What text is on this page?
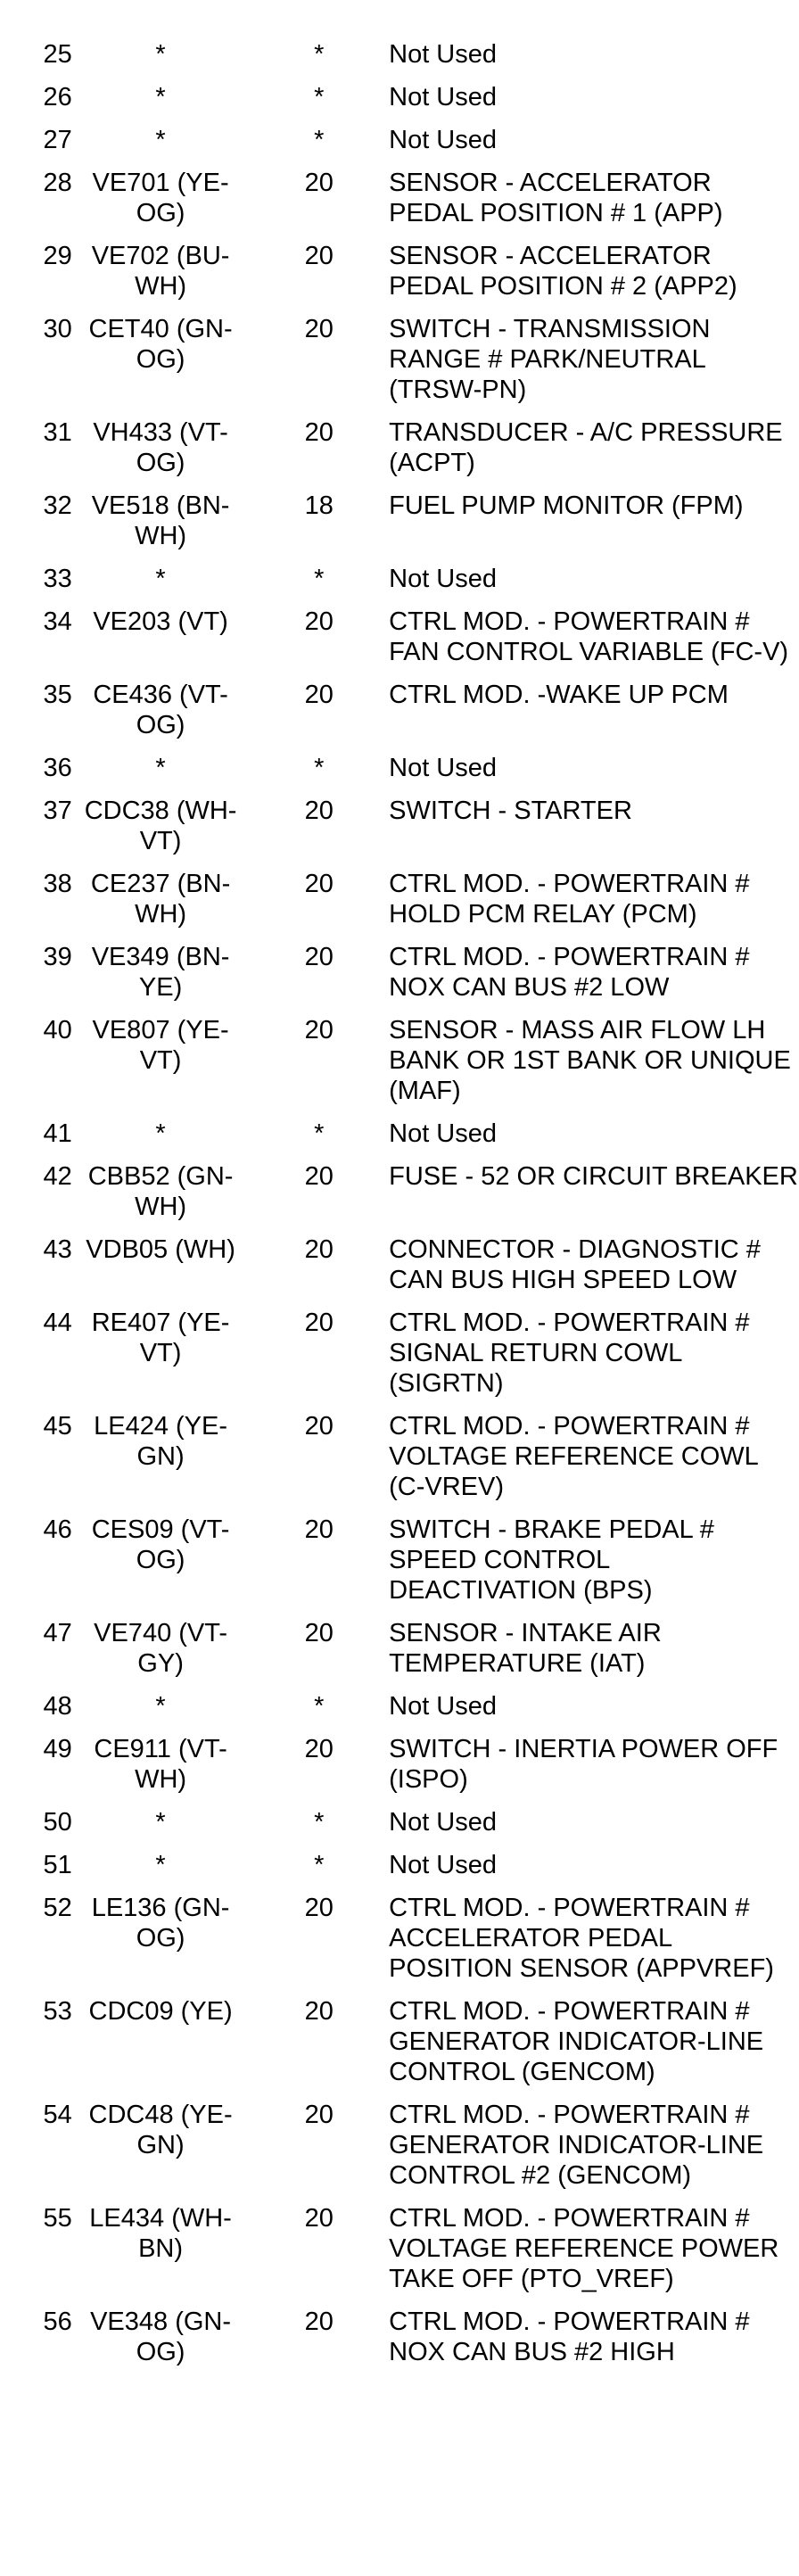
25	*	*	Not Used
26	*	*	Not Used
27	*	*	Not Used
28	VE701 (YE-OG)	20	SENSOR - ACCELERATOR PEDAL POSITION # 1 (APP)
29	VE702 (BU-WH)	20	SENSOR - ACCELERATOR PEDAL POSITION # 2 (APP2)
30	CET40 (GN-OG)	20	SWITCH - TRANSMISSION RANGE # PARK/NEUTRAL (TRSW-PN)
31	VH433 (VT-OG)	20	TRANSDUCER - A/C PRESSURE (ACPT)
32	VE518 (BN-WH)	18	FUEL PUMP MONITOR (FPM)
33	*	*	Not Used
34	VE203 (VT)	20	CTRL MOD. - POWERTRAIN # FAN CONTROL VARIABLE (FC-V)
35	CE436 (VT-OG)	20	CTRL MOD. -WAKE UP PCM
36	*	*	Not Used
37	CDC38 (WH-VT)	20	SWITCH - STARTER
38	CE237 (BN-WH)	20	CTRL MOD. - POWERTRAIN # HOLD PCM RELAY (PCM)
39	VE349 (BN-YE)	20	CTRL MOD. - POWERTRAIN # NOX CAN BUS #2 LOW
40	VE807 (YE-VT)	20	SENSOR - MASS AIR FLOW LH BANK OR 1ST BANK OR UNIQUE (MAF)
41	*	*	Not Used
42	CBB52 (GN-WH)	20	FUSE - 52 OR CIRCUIT BREAKER
43	VDB05 (WH)	20	CONNECTOR - DIAGNOSTIC # CAN BUS HIGH SPEED LOW
44	RE407 (YE-VT)	20	CTRL MOD. - POWERTRAIN # SIGNAL RETURN COWL (SIGRTN)
45	LE424 (YE-GN)	20	CTRL MOD. - POWERTRAIN # VOLTAGE REFERENCE COWL (C-VREV)
46	CES09 (VT-OG)	20	SWITCH - BRAKE PEDAL # SPEED CONTROL DEACTIVATION (BPS)
47	VE740 (VT-GY)	20	SENSOR - INTAKE AIR TEMPERATURE (IAT)
48	*	*	Not Used
49	CE911 (VT-WH)	20	SWITCH - INERTIA POWER OFF (ISPO)
50	*	*	Not Used
51	*	*	Not Used
52	LE136 (GN-OG)	20	CTRL MOD. - POWERTRAIN # ACCELERATOR PEDAL POSITION SENSOR (APPVREF)
53	CDC09 (YE)	20	CTRL MOD. - POWERTRAIN # GENERATOR INDICATOR-LINE CONTROL (GENCOM)
54	CDC48 (YE-GN)	20	CTRL MOD. - POWERTRAIN # GENERATOR INDICATOR-LINE CONTROL #2 (GENCOM)
55	LE434 (WH-BN)	20	CTRL MOD. - POWERTRAIN # VOLTAGE REFERENCE POWER TAKE OFF (PTO_VREF)
56	VE348 (GN-OG)	20	CTRL MOD. - POWERTRAIN # NOX CAN BUS #2 HIGH
